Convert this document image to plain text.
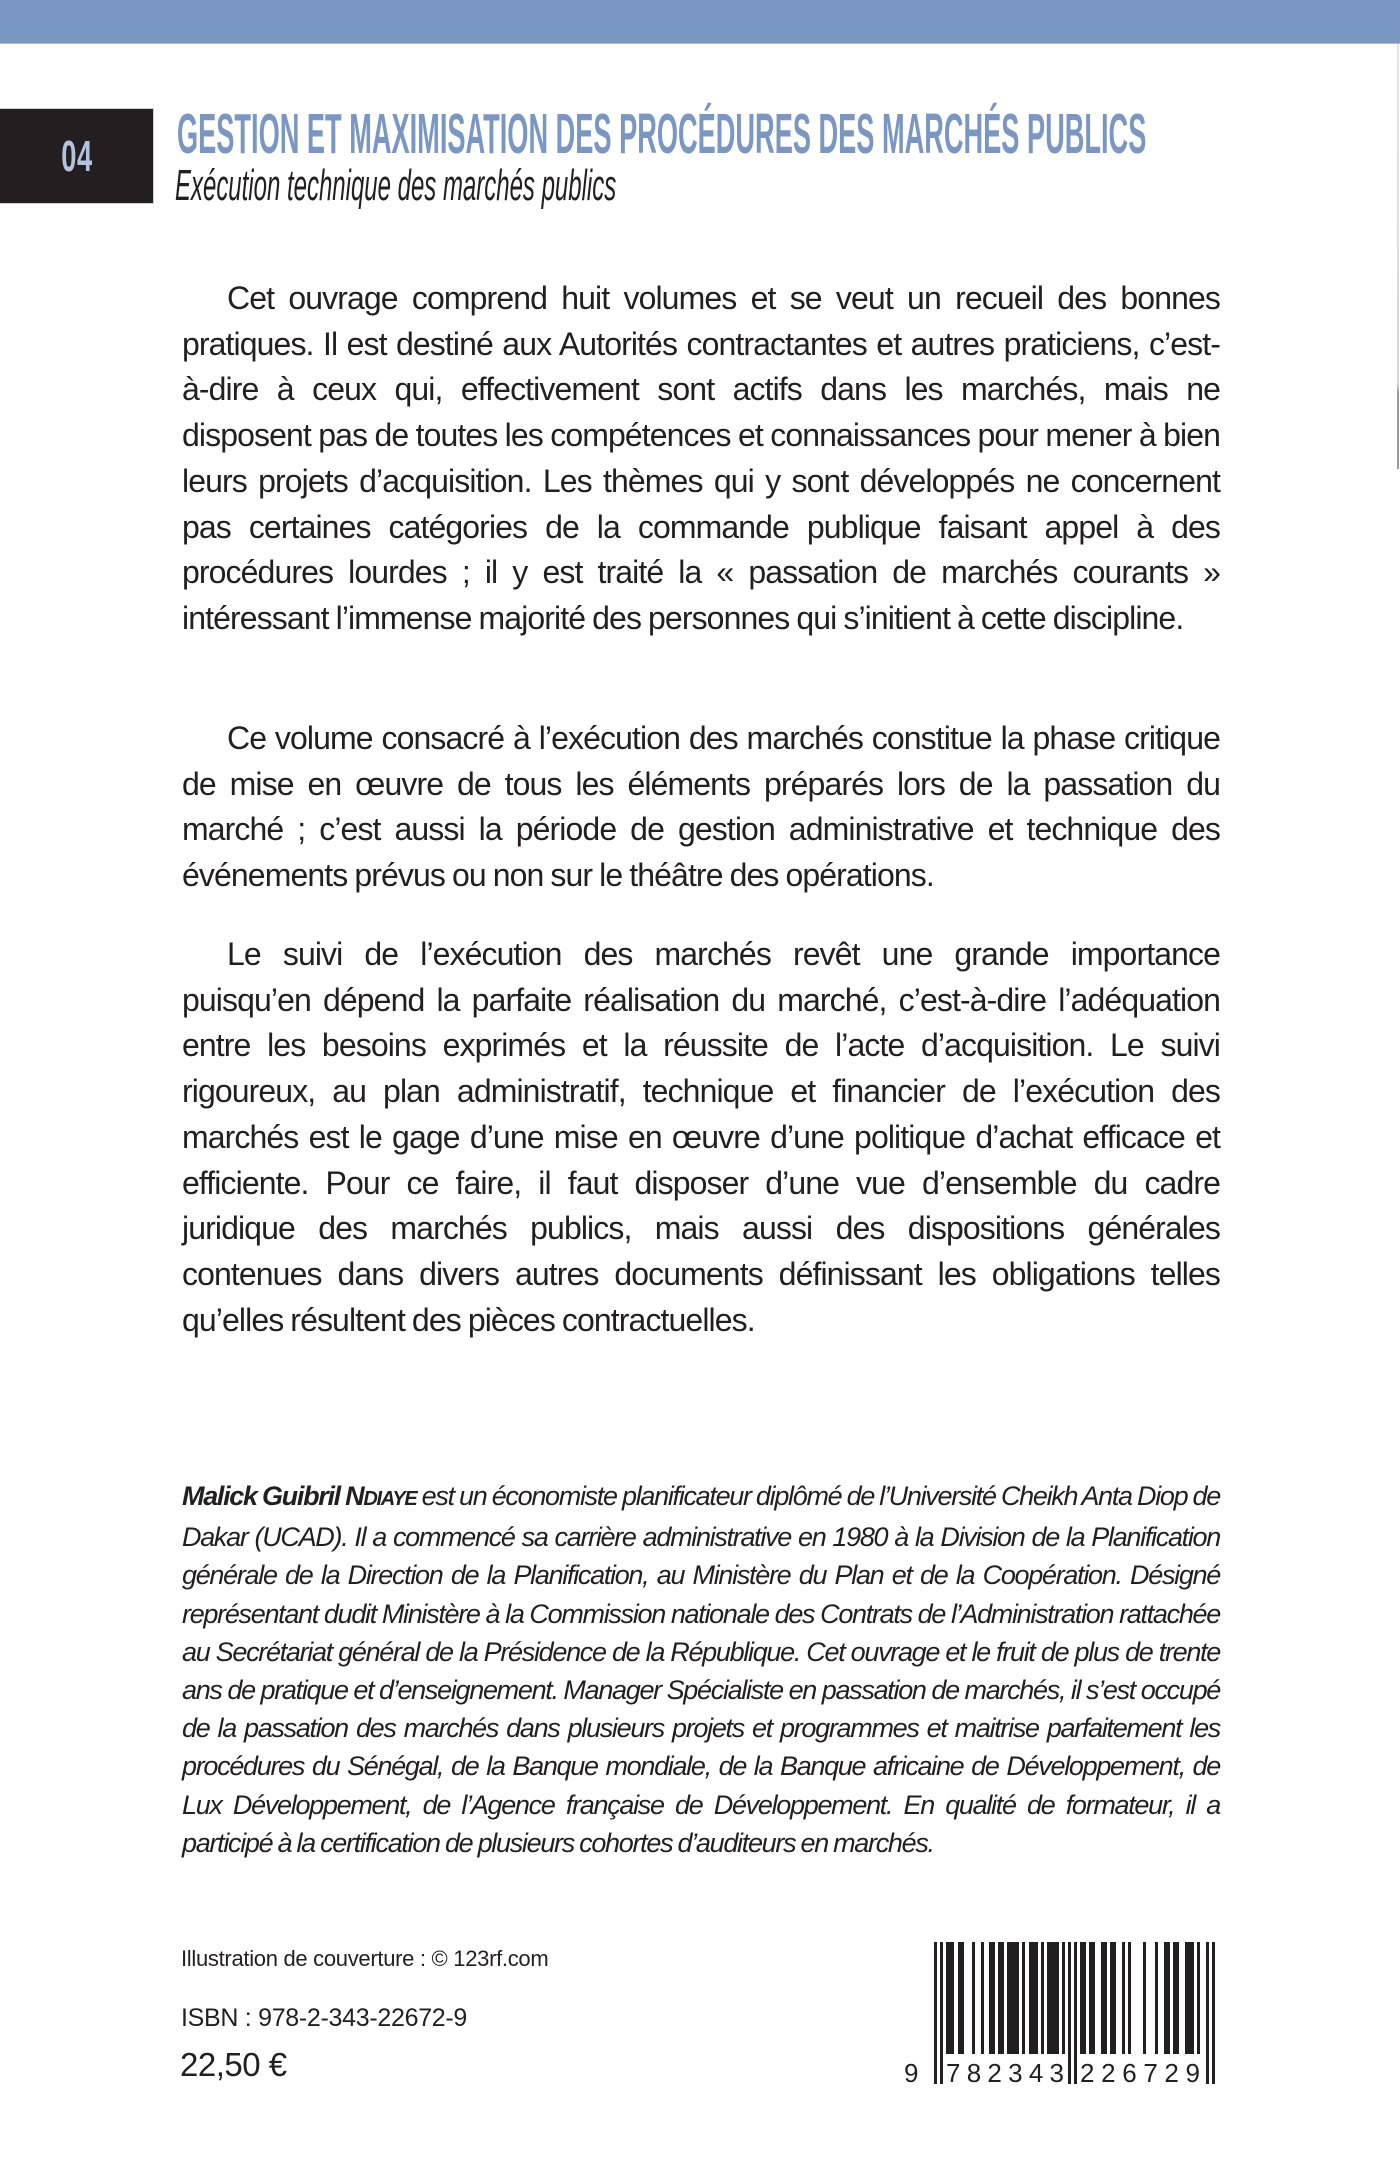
04	GESTION ET MAXIMISATION DES PROCÉDURES DES MARCHÉS PUBLICS
Exécution technique des marchés publics

Cet ouvrage comprend huit volumes et se veut un recueil des bonnes pratiques. Il est destiné aux Autorités contractantes et autres praticiens, c’est-à-dire à ceux qui, effectivement sont actifs dans les marchés, mais ne disposent pas de toutes les compétences et connaissances pour mener à bien leurs projets d’acquisition. Les thèmes qui y sont développés ne concernent pas certaines catégories de la commande publique faisant appel à des procédures lourdes ; il y est traité la « passation de marchés courants » intéressant l’immense majorité des personnes qui s’initient à cette discipline.

Ce volume consacré à l’exécution des marchés constitue la phase critique de mise en œuvre de tous les éléments préparés lors de la passation du marché ; c’est aussi la période de gestion administrative et technique des événements prévus ou non sur le théâtre des opérations.

Le suivi de l’exécution des marchés revêt une grande importance puisqu’en dépend la parfaite réalisation du marché, c’est-à-dire l’adéquation entre les besoins exprimés et la réussite de l’acte d’acquisition. Le suivi rigoureux, au plan administratif, technique et financier de l’exécution des marchés est le gage d’une mise en œuvre d’une politique d’achat efficace et efficiente. Pour ce faire, il faut disposer d’une vue d’ensemble du cadre juridique des marchés publics, mais aussi des dispositions générales contenues dans divers autres documents définissant les obligations telles qu’elles résultent des pièces contractuelles.

Malick Guibril NDIAYE est un économiste planificateur diplômé de l’Université Cheikh Anta Diop de Dakar (UCAD). Il a commencé sa carrière administrative en 1980 à la Division de la Planification générale de la Direction de la Planification, au Ministère du Plan et de la Coopération. Désigné représentant dudit Ministère à la Commission nationale des Contrats de l’Administration rattachée au Secrétariat général de la Présidence de la République. Cet ouvrage et le fruit de plus de trente ans de pratique et d’enseignement. Manager Spécialiste en passation de marchés, il s’est occupé de la passation des marchés dans plusieurs projets et programmes et maitrise parfaitement les procédures du Sénégal, de la Banque mondiale, de la Banque africaine de Développement, de Lux Développement, de l’Agence française de Développement. En qualité de formateur, il a participé à la certification de plusieurs cohortes d’auditeurs en marchés.
Illustration de couverture : © 123rf.com
ISBN : 978-2-343-22672-9
22,50 €	9 782343 226729
